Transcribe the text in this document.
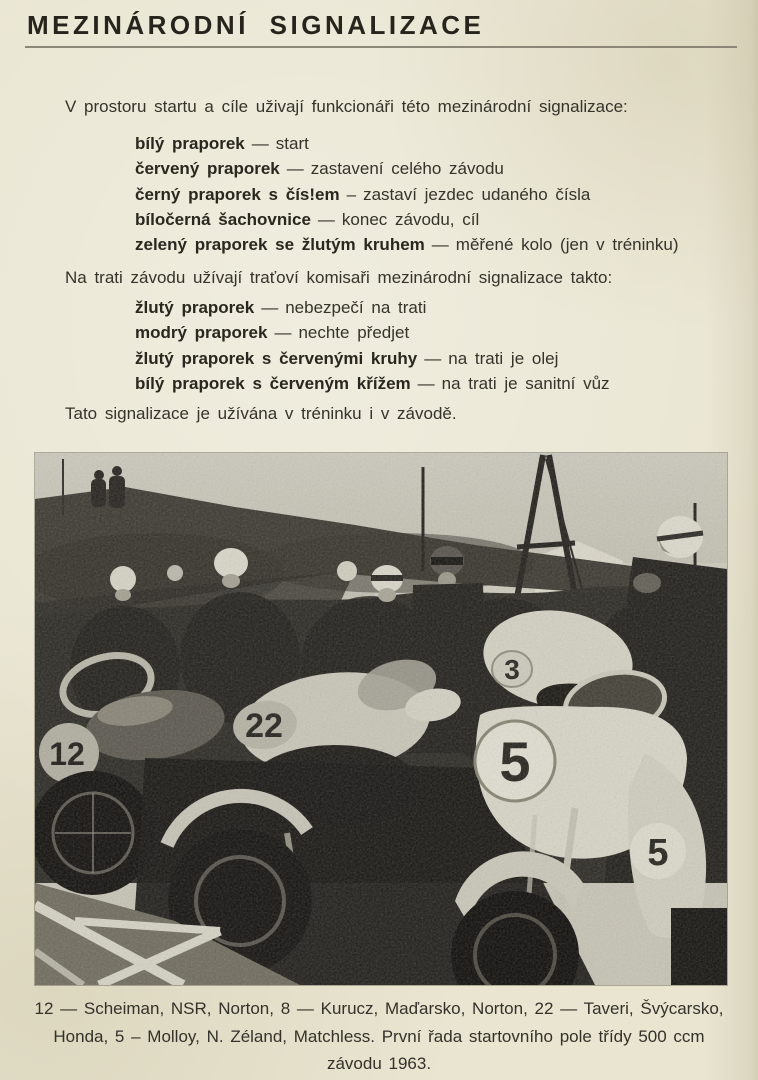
MEZINÁRODNÍ SIGNALIZACE
V prostoru startu a cíle uživají funkcionáři této mezinárodní signalizace:
bílý praporek — start
červený praporek — zastavení celého závodu
černý praporek s čís!em – zastaví jezdec udaného čísla
bíločerná šachovnice — konec závodu, cíl
zelený praporek se žlutým kruhem — měřené kolo (jen v tréninku)
Na trati závodu užívají traťoví komisaři mezinárodní signalizace takto:
žlutý praporek — nebezpečí na trati
modrý praporek — nechte předjet
žlutý praporek s červenými kruhy — na trati je olej
bílý praporek s červeným křížem — na trati je sanitní vůz
Tato signalizace je užívána v tréninku i v závodě.
12 — Scheiman, NSR, Norton, 8 — Kurucz, Maďarsko, Norton, 22 — Taveri, Švýcarsko,
Honda, 5 – Molloy, N. Zéland, Matchless. První řada startovního pole třídy 500 ccm
závodu 1963.
